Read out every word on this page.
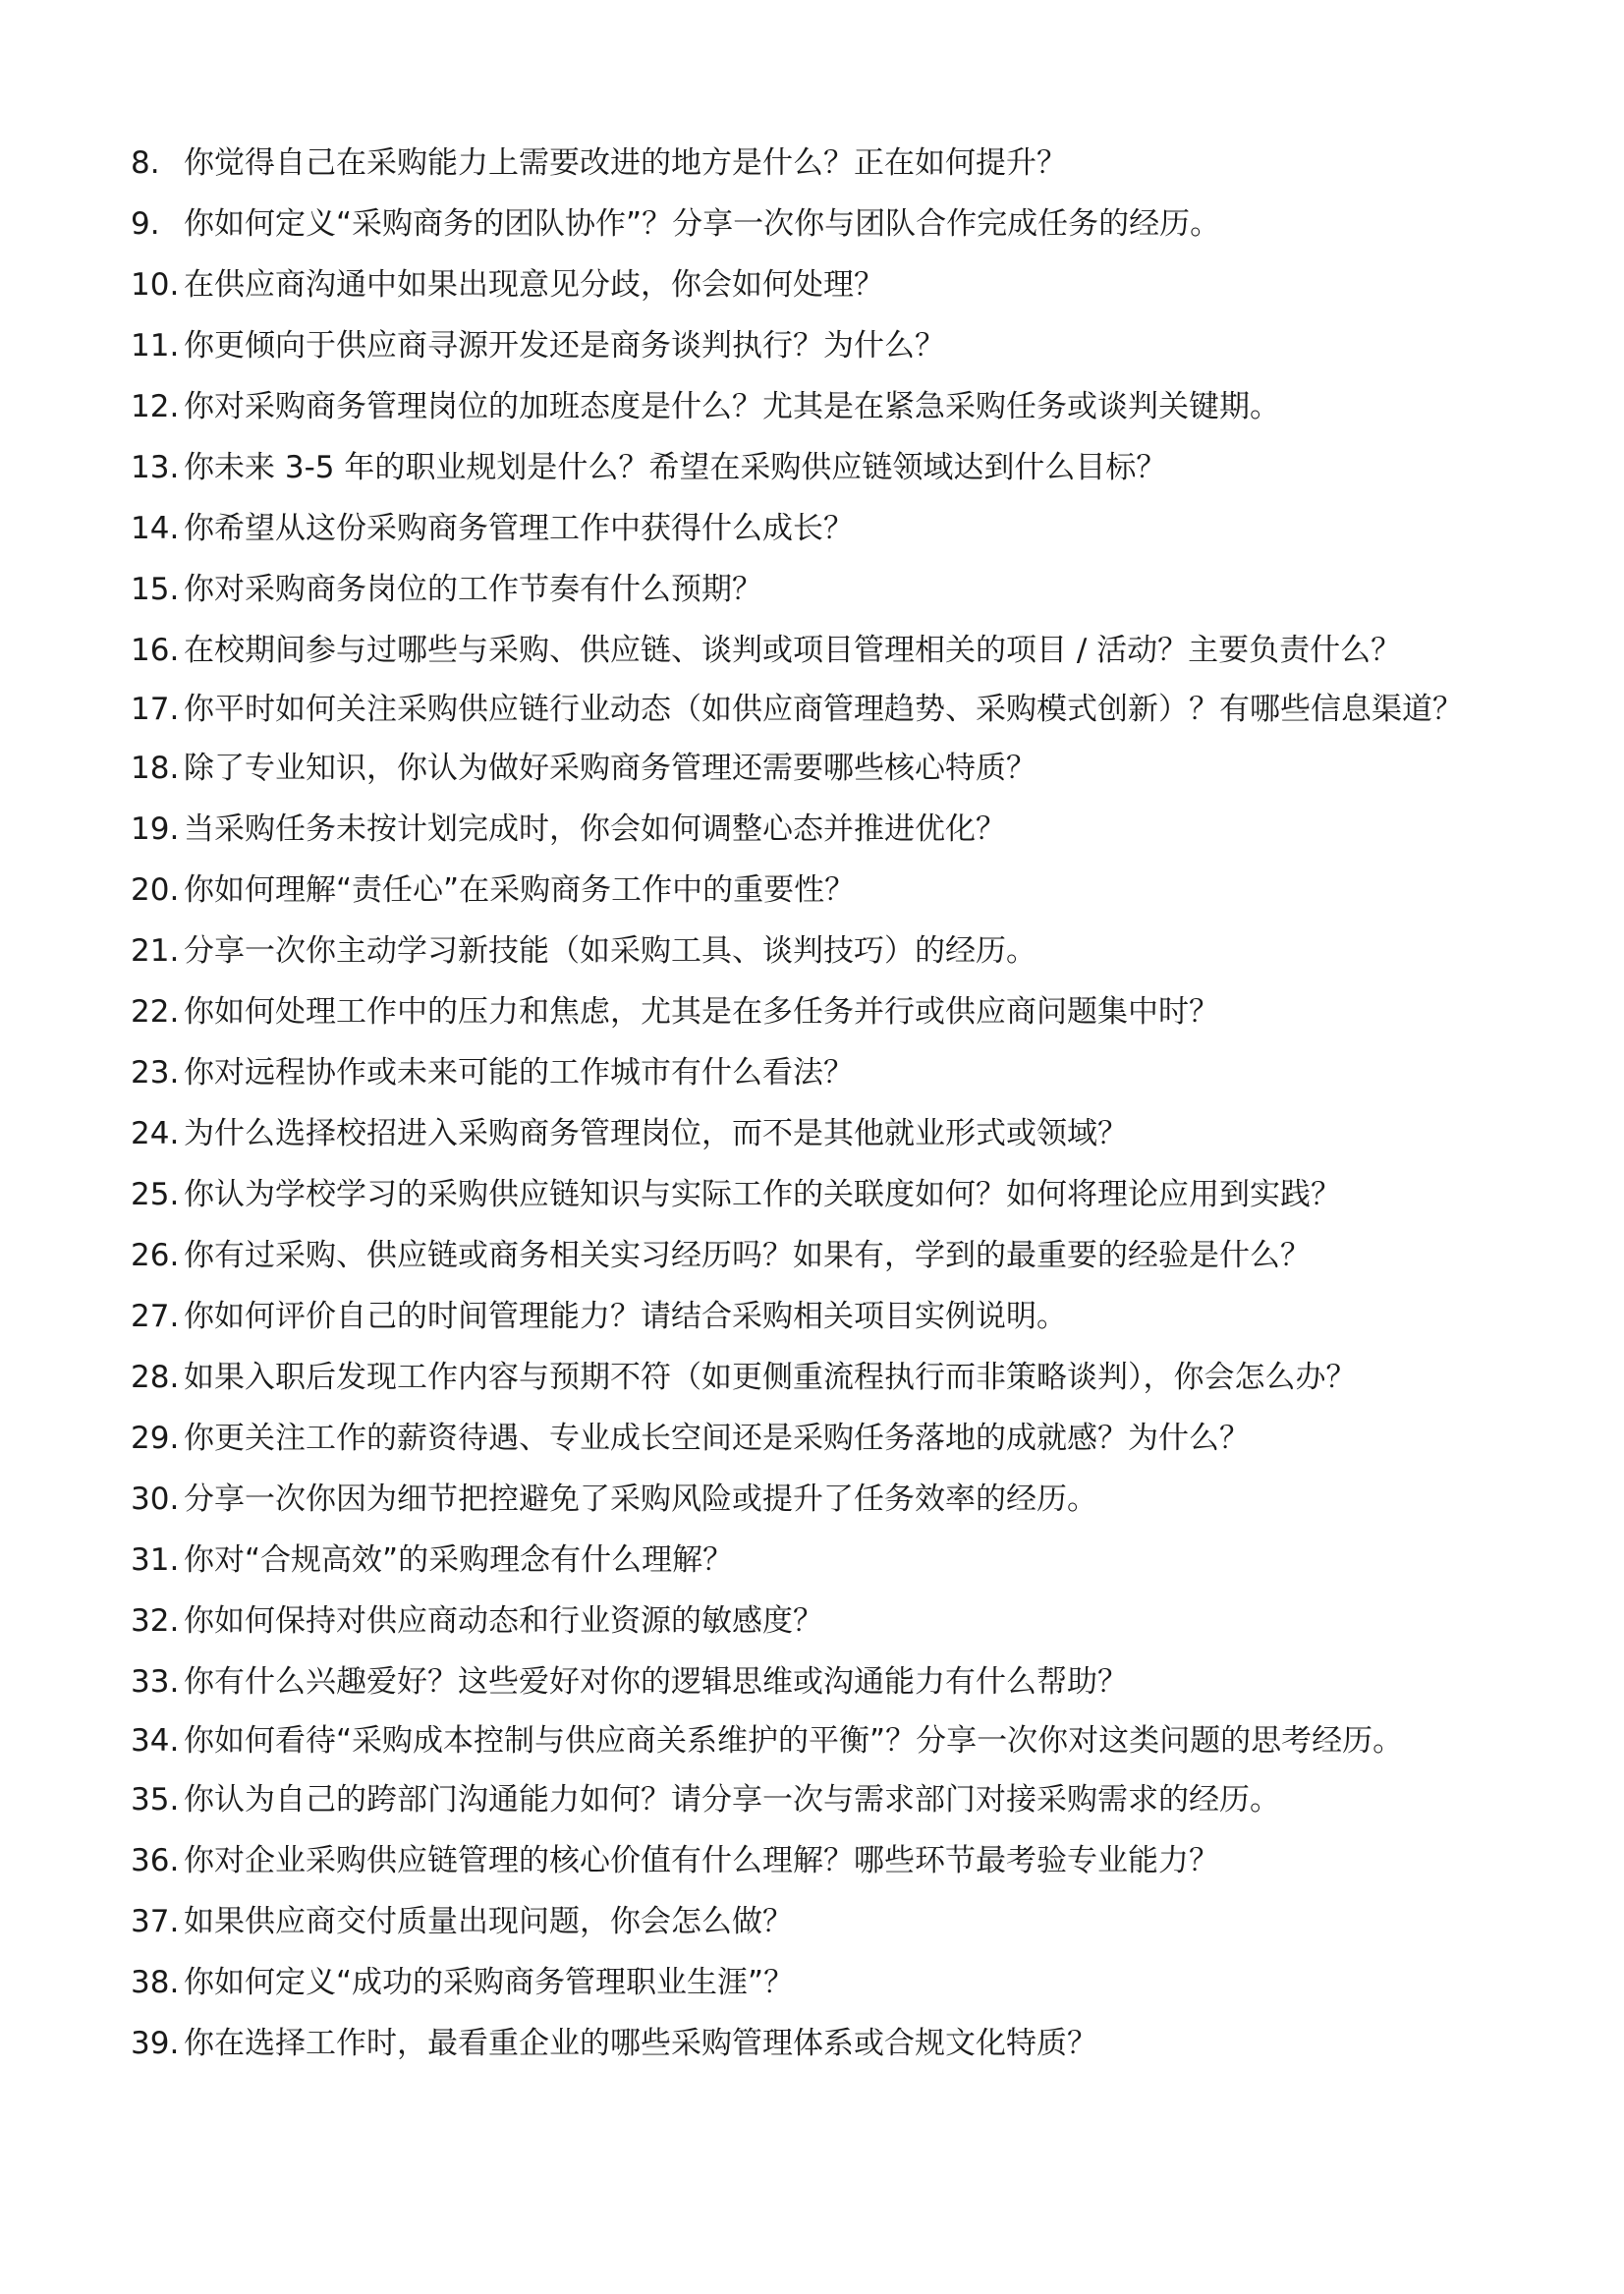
8. 你觉得自己在采购能力上需要改进的地方是什么？正在如何提升？
9. 你如何定义“采购商务的团队协作”？分享一次你与团队合作完成任务的经历。
10. 在供应商沟通中如果出现意见分歧，你会如何处理？
11. 你更倾向于供应商寻源开发还是商务谈判执行？为什么？
12. 你对采购商务管理岗位的加班态度是什么？尤其是在紧急采购任务或谈判关键期。
13. 你未来 3-5 年的职业规划是什么？希望在采购供应链领域达到什么目标？
14. 你希望从这份采购商务管理工作中获得什么成长？
15. 你对采购商务岗位的工作节奏有什么预期？
16. 在校期间参与过哪些与采购、供应链、谈判或项目管理相关的项目 / 活动？主要负责什么？
17. 你平时如何关注采购供应链行业动态（如供应商管理趋势、采购模式创新）？有哪些信息渠道？
18. 除了专业知识，你认为做好采购商务管理还需要哪些核心特质？
19. 当采购任务未按计划完成时，你会如何调整心态并推进优化？
20. 你如何理解“责任心”在采购商务工作中的重要性？
21. 分享一次你主动学习新技能（如采购工具、谈判技巧）的经历。
22. 你如何处理工作中的压力和焦虑，尤其是在多任务并行或供应商问题集中时？
23. 你对远程协作或未来可能的工作城市有什么看法？
24. 为什么选择校招进入采购商务管理岗位，而不是其他就业形式或领域？
25. 你认为学校学习的采购供应链知识与实际工作的关联度如何？如何将理论应用到实践？
26. 你有过采购、供应链或商务相关实习经历吗？如果有，学到的最重要的经验是什么？
27. 你如何评价自己的时间管理能力？请结合采购相关项目实例说明。
28. 如果入职后发现工作内容与预期不符（如更侧重流程执行而非策略谈判），你会怎么办？
29. 你更关注工作的薪资待遇、专业成长空间还是采购任务落地的成就感？为什么？
30. 分享一次你因为细节把控避免了采购风险或提升了任务效率的经历。
31. 你对“合规高效”的采购理念有什么理解？
32. 你如何保持对供应商动态和行业资源的敏感度？
33. 你有什么兴趣爱好？这些爱好对你的逻辑思维或沟通能力有什么帮助？
34. 你如何看待“采购成本控制与供应商关系维护的平衡”？分享一次你对这类问题的思考经历。
35. 你认为自己的跨部门沟通能力如何？请分享一次与需求部门对接采购需求的经历。
36. 你对企业采购供应链管理的核心价值有什么理解？哪些环节最考验专业能力？
37. 如果供应商交付质量出现问题，你会怎么做？
38. 你如何定义“成功的采购商务管理职业生涯”？
39. 你在选择工作时，最看重企业的哪些采购管理体系或合规文化特质？
